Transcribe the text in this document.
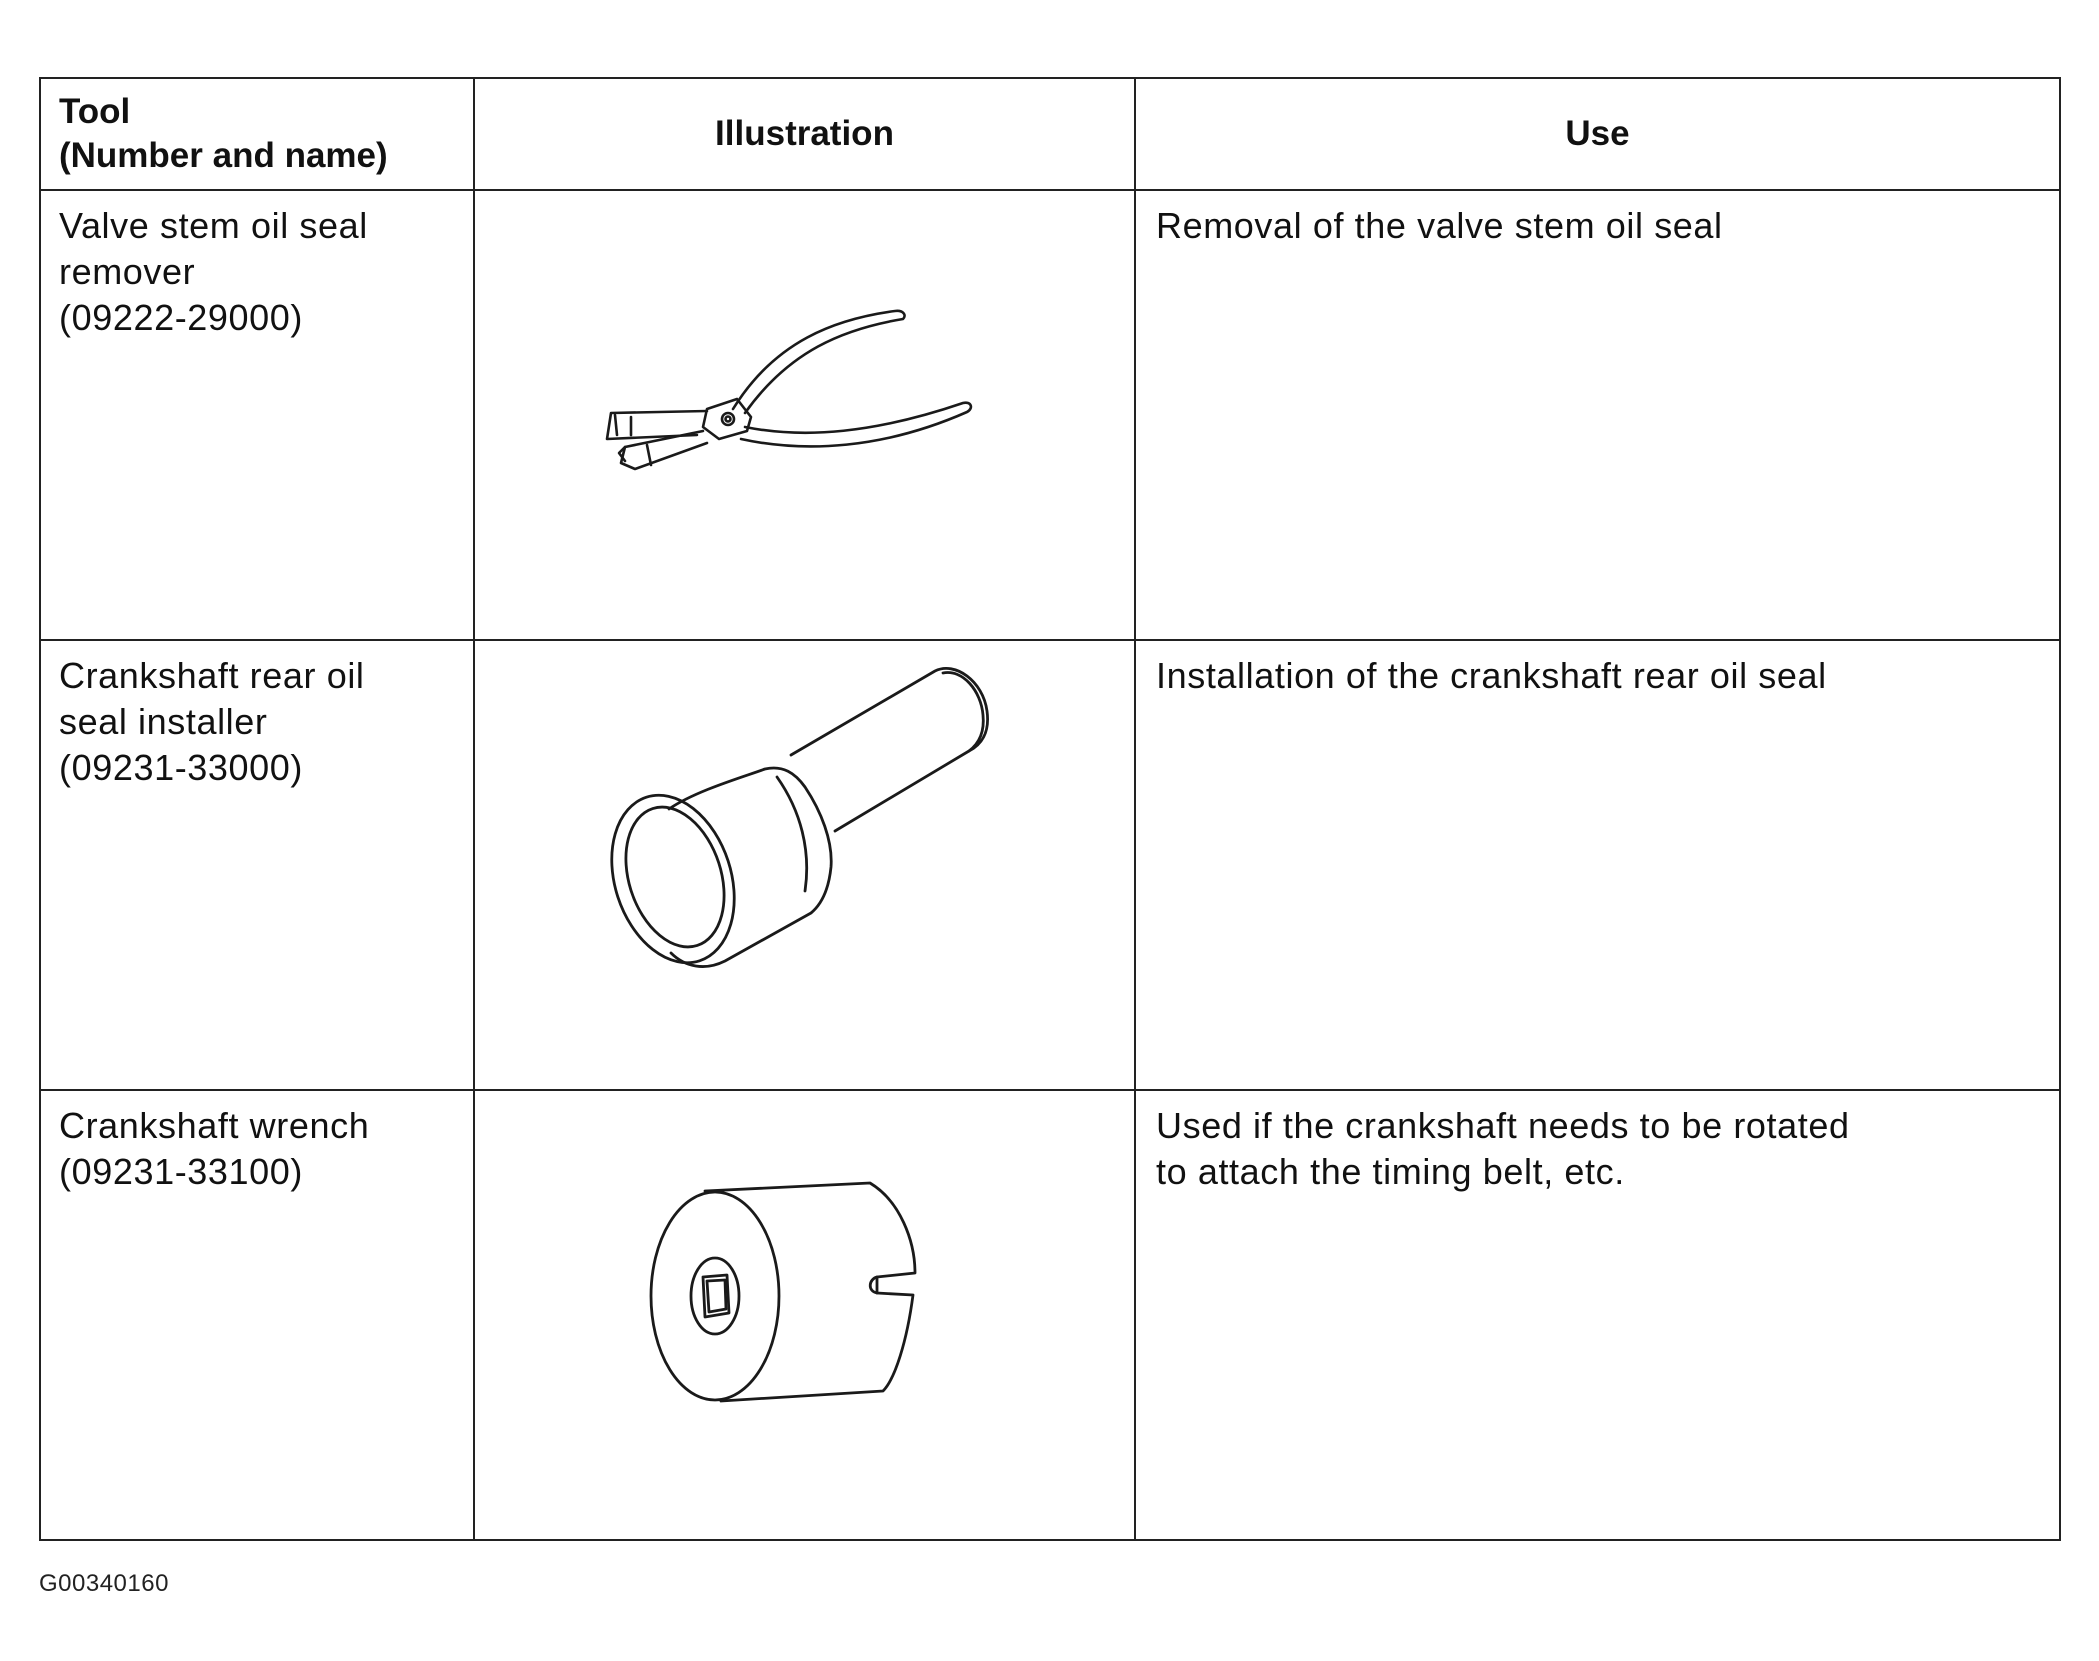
Tool
(Number and name)	Illustration	Use

Valve stem oil seal
remover
(09222-29000)		Removal of the valve stem oil seal

Crankshaft rear oil
seal installer
(09231-33000)		Installation of the crankshaft rear oil seal

Crankshaft wrench
(09231-33100)		Used if the crankshaft needs to be rotated
to attach the timing belt, etc.
G00340160
